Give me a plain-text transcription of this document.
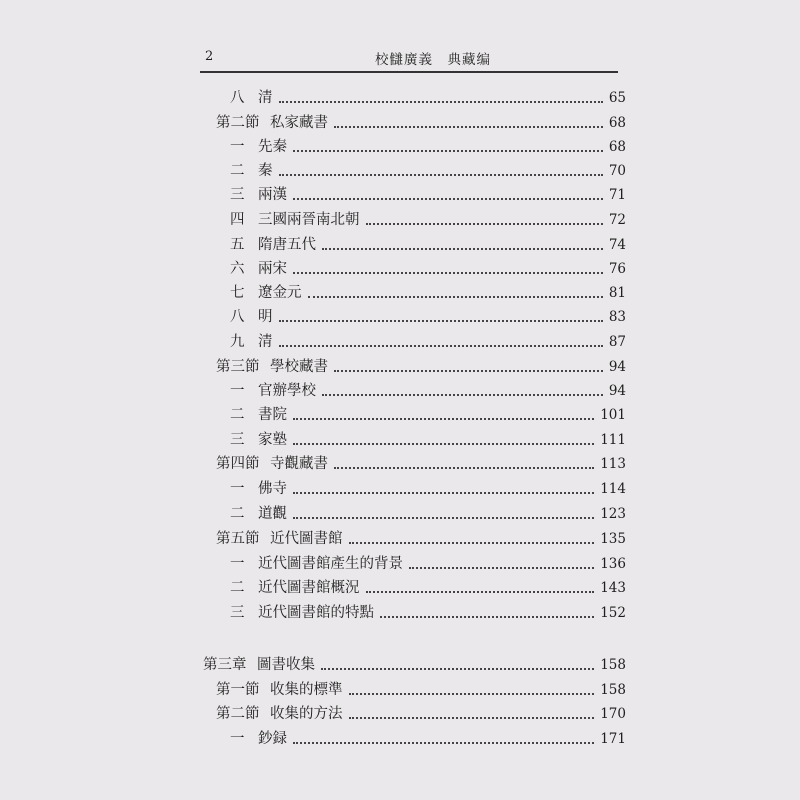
2	校讎廣義　典藏编
八 清	65
第二節 私家藏書	68
一 先秦	68
二 秦	70
三 兩漢	71
四 三國兩晉南北朝	72
五 隋唐五代	74
六 兩宋	76
七 遼金元	81
八 明	83
九 清	87
第三節 學校藏書	94
一 官辦學校	94
二 書院	101
三 家塾	111
第四節 寺觀藏書	113
一 佛寺	114
二 道觀	123
第五節 近代圖書館	135
一 近代圖書館產生的背景	136
二 近代圖書館概況	143
三 近代圖書館的特點	152
第三章 圖書收集	158
第一節 收集的標準	158
第二節 收集的方法	170
一 鈔録	171
